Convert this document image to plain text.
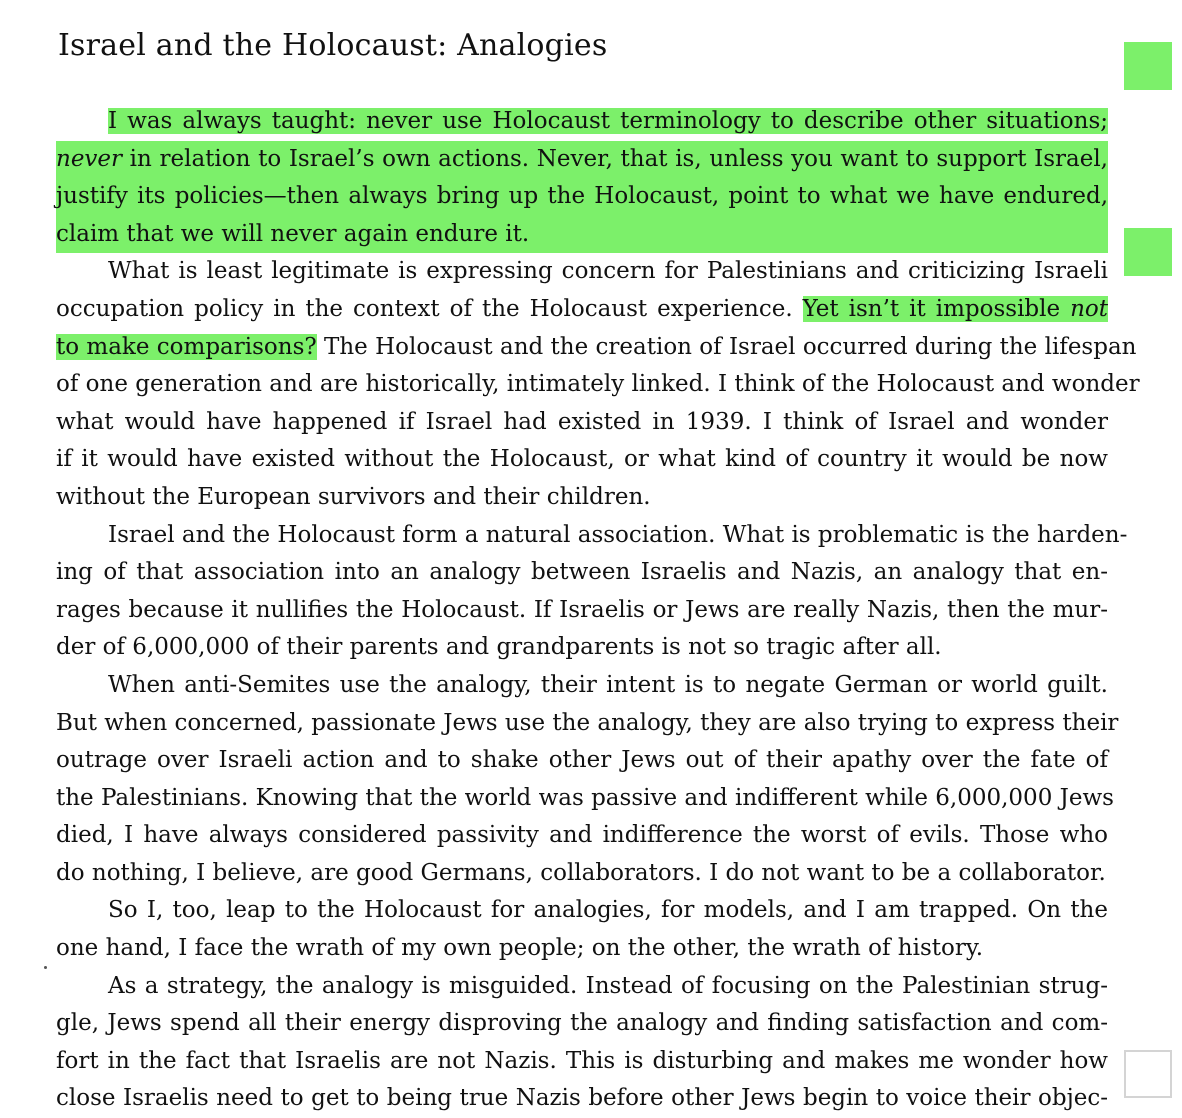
Israel and the Holocaust: Analogies
I was always taught: never use Holocaust terminology to describe other situations;
never in relation to Israel’s own actions. Never, that is, unless you want to support Israel,
justify its policies—then always bring up the Holocaust, point to what we have endured,
claim that we will never again endure it.
What is least legitimate is expressing concern for Palestinians and criticizing Israeli
occupation policy in the context of the Holocaust experience. Yet isn’t it impossible not
to make comparisons? The Holocaust and the creation of Israel occurred during the lifespan
of one generation and are historically, intimately linked. I think of the Holocaust and wonder
what would have happened if Israel had existed in 1939. I think of Israel and wonder
if it would have existed without the Holocaust, or what kind of country it would be now
without the European survivors and their children.
Israel and the Holocaust form a natural association. What is problematic is the harden-
ing of that association into an analogy between Israelis and Nazis, an analogy that en-
rages because it nullifies the Holocaust. If Israelis or Jews are really Nazis, then the mur-
der of 6,000,000 of their parents and grandparents is not so tragic after all.
When anti-Semites use the analogy, their intent is to negate German or world guilt.
But when concerned, passionate Jews use the analogy, they are also trying to express their
outrage over Israeli action and to shake other Jews out of their apathy over the fate of
the Palestinians. Knowing that the world was passive and indifferent while 6,000,000 Jews
died, I have always considered passivity and indifference the worst of evils. Those who
do nothing, I believe, are good Germans, collaborators. I do not want to be a collaborator.
So I, too, leap to the Holocaust for analogies, for models, and I am trapped. On the
one hand, I face the wrath of my own people; on the other, the wrath of history.
As a strategy, the analogy is misguided. Instead of focusing on the Palestinian strug-
gle, Jews spend all their energy disproving the analogy and finding satisfaction and com-
fort in the fact that Israelis are not Nazis. This is disturbing and makes me wonder how
close Israelis need to get to being true Nazis before other Jews begin to voice their objec-
